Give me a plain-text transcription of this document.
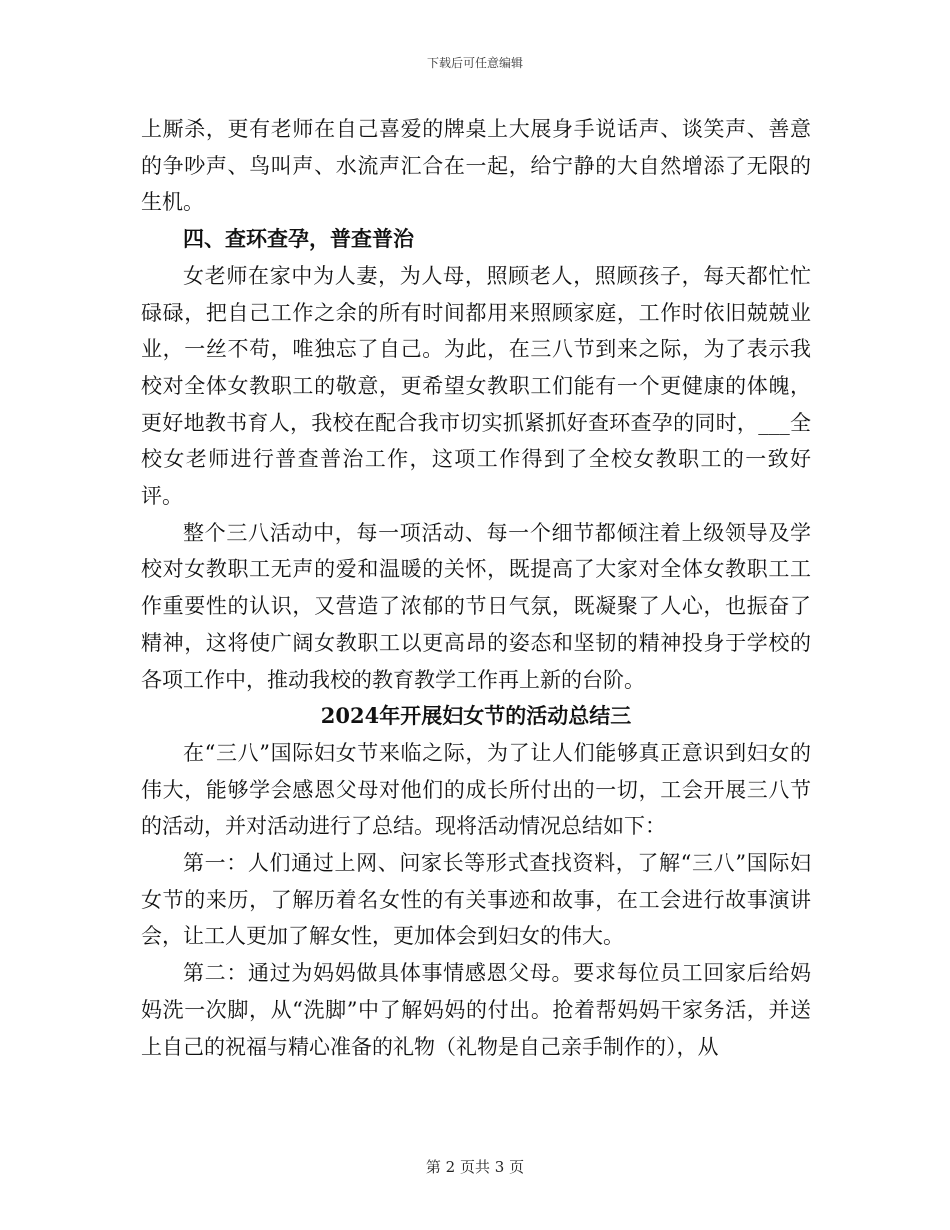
下载后可任意编辑

上厮杀，更有老师在自己喜爱的牌桌上大展身手说话声、谈笑声、善意的争吵声、鸟叫声、水流声汇合在一起，给宁静的大自然增添了无限的生机。

四、查环查孕，普查普治

女老师在家中为人妻，为人母，照顾老人，照顾孩子，每天都忙忙碌碌，把自己工作之余的所有时间都用来照顾家庭，工作时依旧兢兢业业，一丝不苟，唯独忘了自己。为此，在三八节到来之际，为了表示我校对全体女教职工的敬意，更希望女教职工们能有一个更健康的体魄，更好地教书育人，我校在配合我市切实抓紧抓好查环查孕的同时，___全校女老师进行普查普治工作，这项工作得到了全校女教职工的一致好评。

整个三八活动中，每一项活动、每一个细节都倾注着上级领导及学校对女教职工无声的爱和温暖的关怀，既提高了大家对全体女教职工工作重要性的认识，又营造了浓郁的节日气氛，既凝聚了人心，也振奋了精神，这将使广阔女教职工以更高昂的姿态和坚韧的精神投身于学校的各项工作中，推动我校的教育教学工作再上新的台阶。

2024年开展妇女节的活动总结三

在“三八”国际妇女节来临之际，为了让人们能够真正意识到妇女的伟大，能够学会感恩父母对他们的成长所付出的一切，工会开展三八节的活动，并对活动进行了总结。现将活动情况总结如下：

第一：人们通过上网、问家长等形式查找资料，了解“三八”国际妇女节的来历，了解历着名女性的有关事迹和故事，在工会进行故事演讲会，让工人更加了解女性，更加体会到妇女的伟大。

第二：通过为妈妈做具体事情感恩父母。要求每位员工回家后给妈妈洗一次脚，从“洗脚”中了解妈妈的付出。抢着帮妈妈干家务活，并送上自己的祝福与精心准备的礼物（礼物是自己亲手制作的），从

第 2 页共 3 页
